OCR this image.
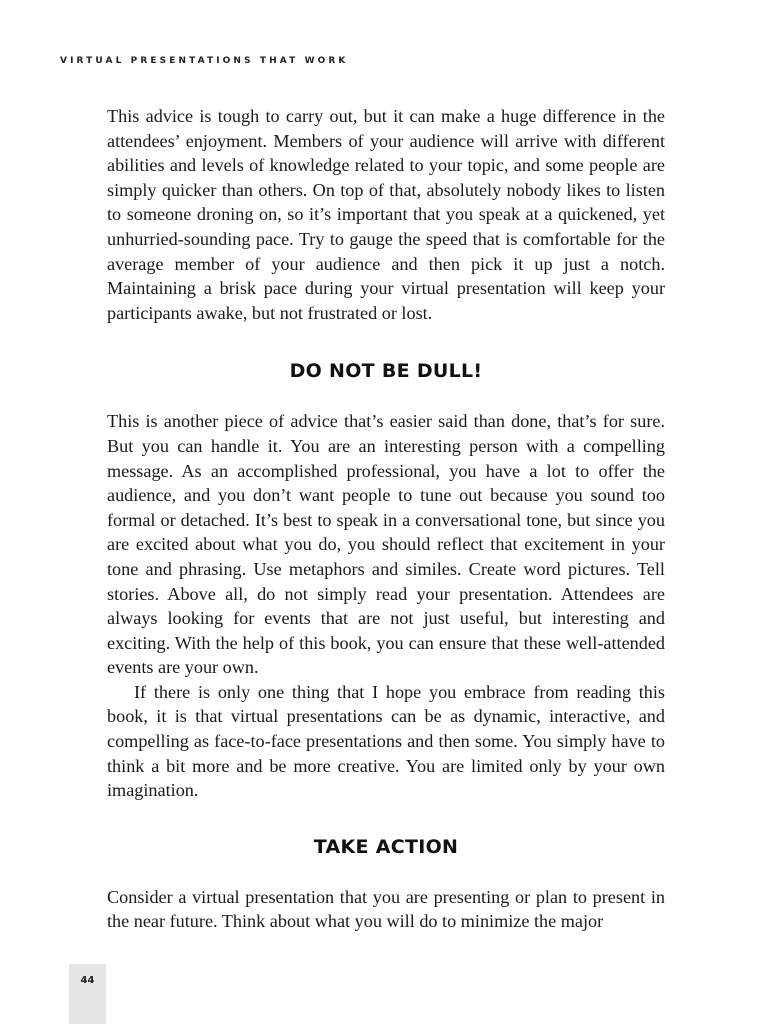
VIRTUAL PRESENTATIONS THAT WORK

This advice is tough to carry out, but it can make a huge difference in the attendees’ enjoyment. Members of your audience will arrive with different abilities and levels of knowledge related to your topic, and some people are simply quicker than others. On top of that, absolutely nobody likes to listen to someone droning on, so it’s important that you speak at a quickened, yet unhurried-sounding pace. Try to gauge the speed that is comfortable for the average member of your audience and then pick it up just a notch. Maintaining a brisk pace during your virtual presentation will keep your participants awake, but not frustrated or lost.

DO NOT BE DULL!

This is another piece of advice that’s easier said than done, that’s for sure. But you can handle it. You are an interesting person with a compelling message. As an accomplished professional, you have a lot to offer the audience, and you don’t want people to tune out because you sound too formal or detached. It’s best to speak in a conversational tone, but since you are excited about what you do, you should reflect that excitement in your tone and phrasing. Use metaphors and similes. Create word pictures. Tell stories. Above all, do not simply read your presentation. Attendees are always looking for events that are not just useful, but interesting and exciting. With the help of this book, you can ensure that these well-attended events are your own.

If there is only one thing that I hope you embrace from reading this book, it is that virtual presentations can be as dynamic, interactive, and compelling as face-to-face presentations and then some. You simply have to think a bit more and be more creative. You are limited only by your own imagination.

TAKE ACTION

Consider a virtual presentation that you are presenting or plan to present in the near future. Think about what you will do to minimize the major

44
